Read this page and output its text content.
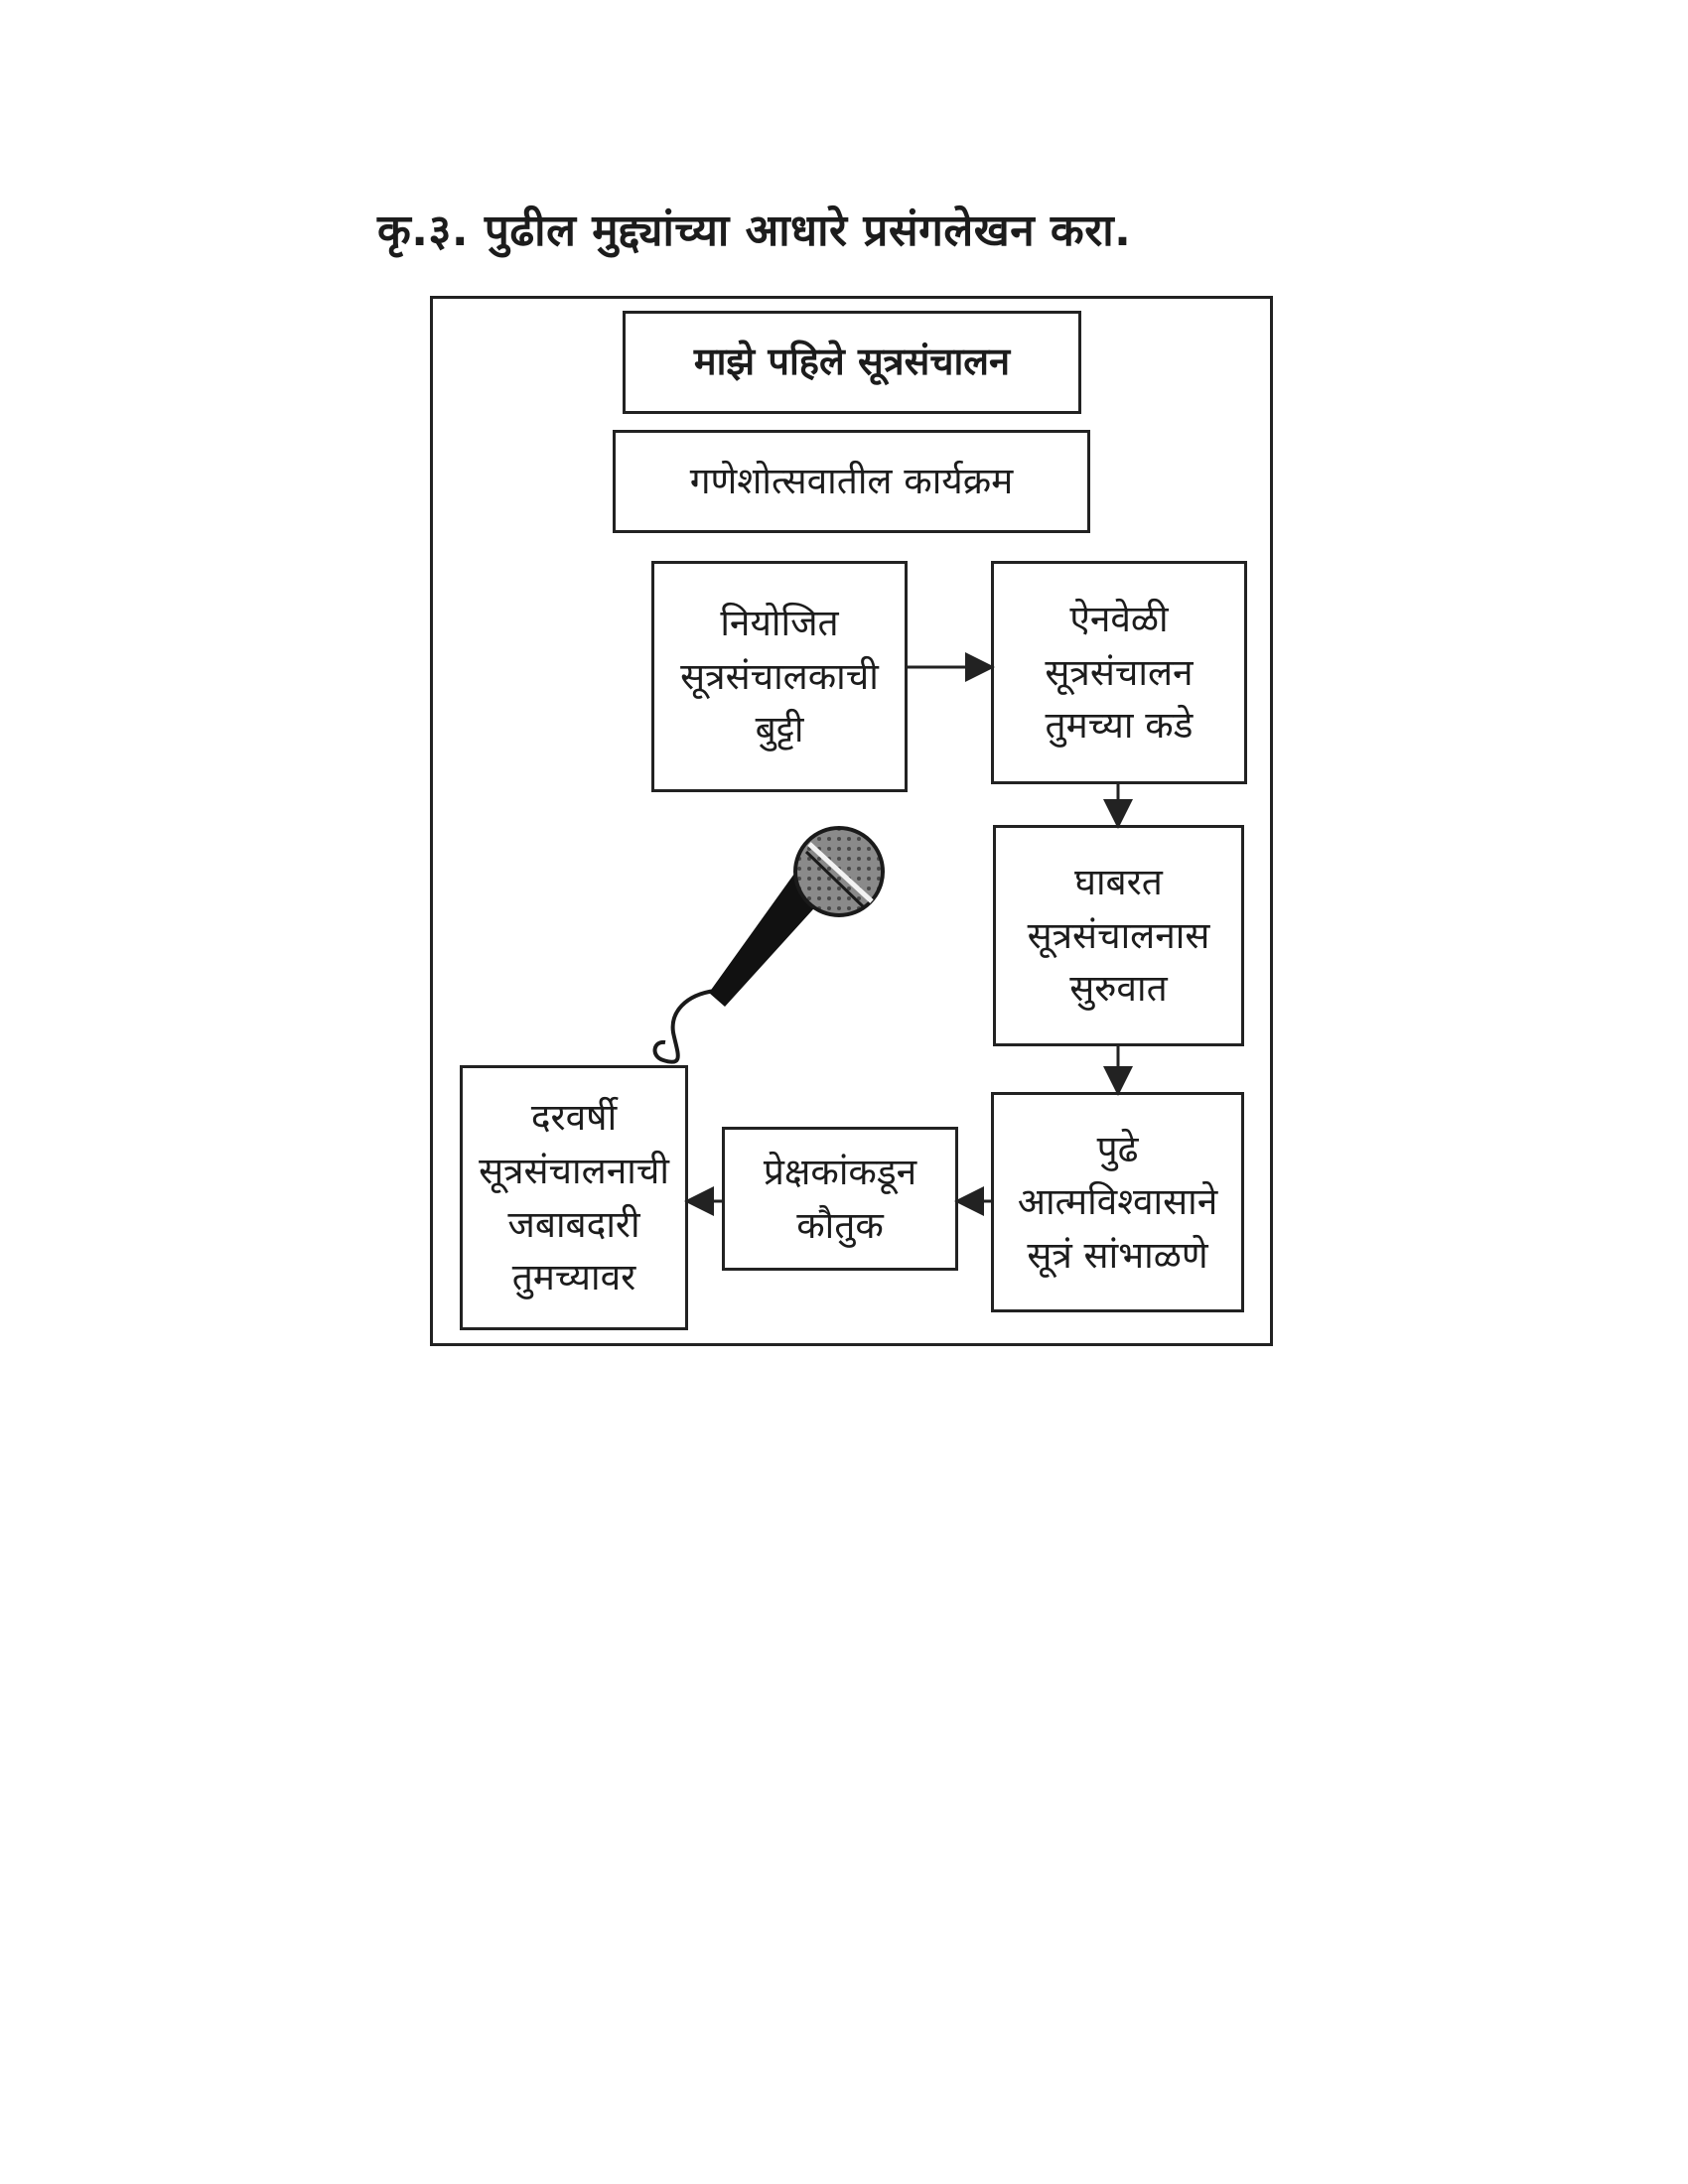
कृ.३. पुढील मुद्द्यांच्या आधारे प्रसंगलेखन करा.
माझे पहिले सूत्रसंचालन
गणेशोत्सवातील कार्यक्रम
नियोजित
सूत्रसंचालकाची
बुट्टी
ऐनवेळी
सूत्रसंचालन
तुमच्या कडे
घाबरत
सूत्रसंचालनास
सुरुवात
पुढे
आत्मविश्वासाने
सूत्रं सांभाळणे
प्रेक्षकांकडून
कौतुक
दरवर्षी
सूत्रसंचालनाची
जबाबदारी
तुमच्यावर
